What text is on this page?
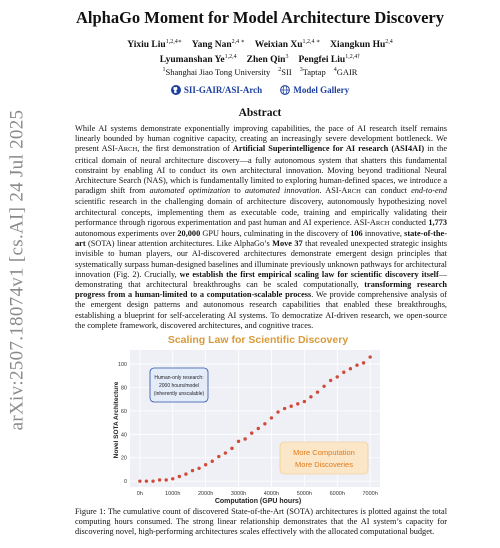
arXiv:2507.18074v1 [cs.AI] 24 Jul 2025
AlphaGo Moment for Model Architecture Discovery
Yixiu Liu$^{1,2,4∗}$ Yang Nan$^{2,4 ∗}$ Weixian $Xu^{1,2,4 ∗}$ Xiangkun Hu$^{2,4}$
Lyumanshan Ye$^{1,2,4}$ Zhen Qin$^3$ Pengfei Liu$^{1,2,4\dagger}$
$^1$Shanghai Jiao Tong University $^2$SII $^3$Taptap $^4$GAIR
SII-GAIR/ASI-Arch
	Model Gallery
Abstract

While AI systems demonstrate exponentially improving capabilities, the pace of AI research itself remains linearly bounded by human cognitive capacity, creating an increasingly severe development bottleneck. We present ASI-ARCH, the first demonstration of Artificial Superintelligence for AI research (ASI4AI) in the critical domain of neural architecture discovery—a fully autonomous system that shatters this fundamental constraint by enabling AI to conduct its own architectural innovation. Moving beyond traditional Neural Architecture Search (NAS), which is fundamentally limited to exploring human-defined spaces, we introduce a paradigm shift from automated optimization to automated innovation. ASI-ARCH can conduct end-to-end scientific research in the challenging domain of architecture discovery, autonomously hypothesizing novel architectural concepts, implementing them as executable code, training and empirically validating their performance through rigorous experimentation and past human and AI experience. ASI-ARCH conducted 1,773 autonomous experiments over 20,000 GPU hours, culminating in the discovery of 106 innovative, state-of-the-art (SOTA) linear attention architectures. Like AlphaGo’s Move 37 that revealed unexpected strategic insights invisible to human players, our AI-discovered architectures demonstrate emergent design principles that systematically surpass human-designed baselines and illuminate previously unknown pathways for architectural innovation (Fig. 2). Crucially, we establish the first empirical scaling law for scientific discovery itself—demonstrating that architectural breakthroughs can be scaled computationally, transforming research progress from a human-limited to a computation-scalable process. We provide comprehensive analysis of the emergent design patterns and autonomous research capabilities that enabled these breakthroughs, establishing a blueprint for self-accelerating AI systems. To democratize AI-driven research, we open-source the complete framework, discovered architectures, and cognitive traces.

Scaling Law for Scientific Discovery
0
20
40
60
80
100
0h	1000h	2000h	3000h	4000h	5000h	6000h	7000h
Novel SOTA Architecture
Computation (GPU hours)
Human-only research:
2000 hours/model
(inherently unscalable)
More Computation
More Discoveries

Figure 1: The cumulative count of discovered State-of-the-Art (SOTA) architectures is plotted against the total computing hours consumed. The strong linear relationship demonstrates that the AI system’s capacity for discovering novel, high-performing architectures scales effectively with the allocated computational budget.
